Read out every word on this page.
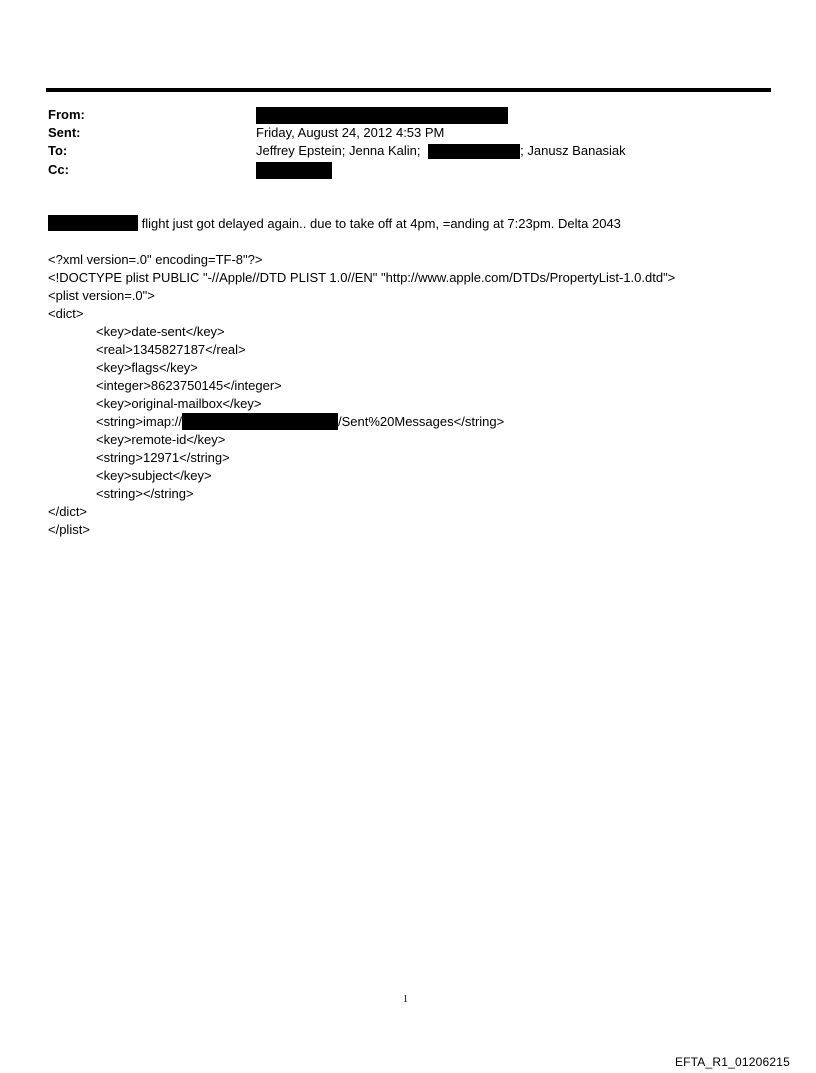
From:
Sent:	Friday, August 24, 2012 4:53 PM
To:	Jeffrey Epstein; Jenna Kalin;	; Janusz Banasiak
Cc:
flight just got delayed again.. due to take off at 4pm, =anding at 7:23pm. Delta 2043
<?xml version=.0" encoding=TF-8"?>
<!DOCTYPE plist PUBLIC "-//Apple//DTD PLIST 1.0//EN" "http://www.apple.com/DTDs/PropertyList-1.0.dtd">
<plist version=.0">
<dict>
<key>date-sent</key>
<real>1345827187</real>
<key>flags</key>
<integer>8623750145</integer>
<key>original-mailbox</key>
<string>imap://	/Sent%20Messages</string>
<key>remote-id</key>
<string>12971</string>
<key>subject</key>
<string></string>
</dict>
</plist>
1
EFTA_R1_01206215
